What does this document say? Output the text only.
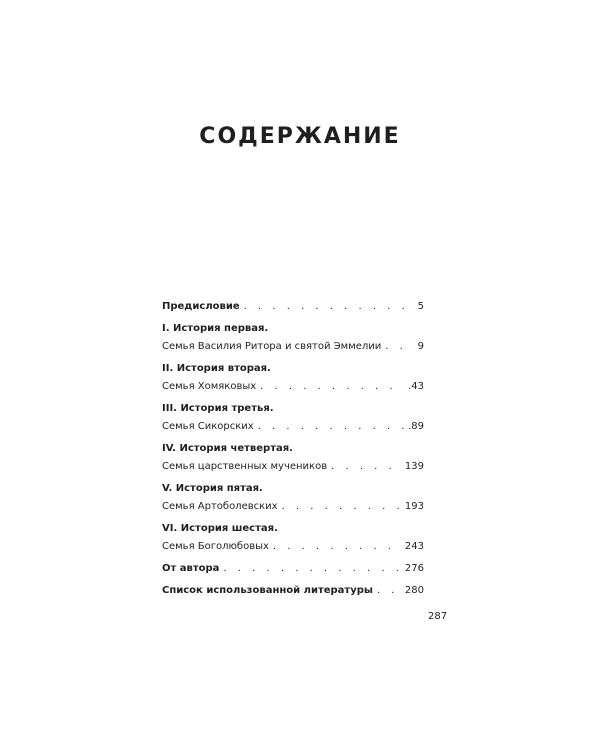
СОДЕРЖАНИЕ
Предисловие . . .	5
I. История первая.
Семья Василия Ритора и святой Эммелии . . .	9
II. История вторая.
Семья Хомяковых . . .	.43
III. История третья.
Семья Сикорских . . .	.89
IV. История четвертая.
Семья царственных мучеников . . .	139
V. История пятая.
Семья Артоболевских . . .	193
VI. История шестая.
Семья Боголюбовых . . .	243
От автора . . .	276
Список использованной литературы . . .	280
287
